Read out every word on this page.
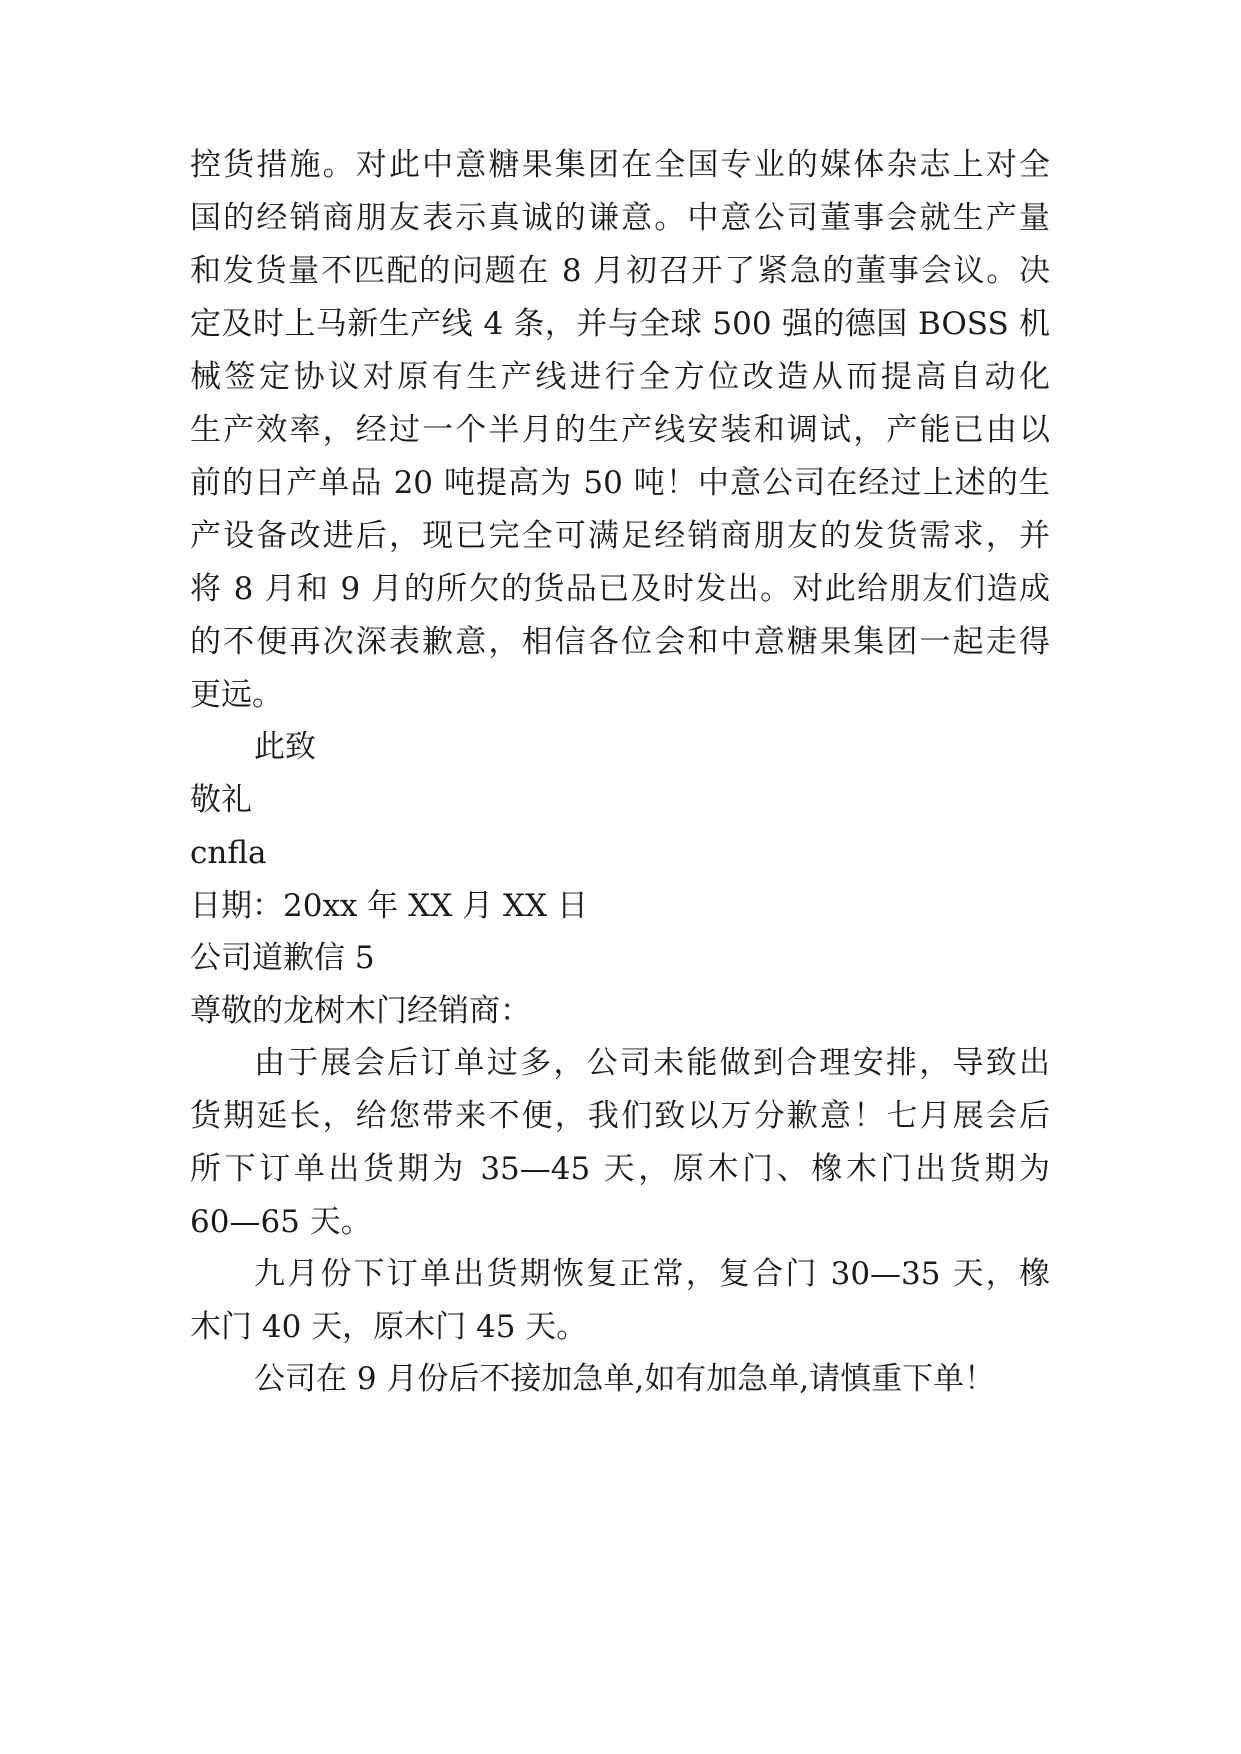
控货措施。对此中意糖果集团在全国专业的媒体杂志上对全
国的经销商朋友表示真诚的谦意。中意公司董事会就生产量
和发货量不匹配的问题在 8 月初召开了紧急的董事会议。决
定及时上马新生产线 4 条，并与全球 500 强的德国 BOSS 机
械签定协议对原有生产线进行全方位改造从而提高自动化
生产效率，经过一个半月的生产线安装和调试，产能已由以
前的日产单品 20 吨提高为 50 吨！中意公司在经过上述的生
产设备改进后，现已完全可满足经销商朋友的发货需求，并
将 8 月和 9 月的所欠的货品已及时发出。对此给朋友们造成
的不便再次深表歉意，相信各位会和中意糖果集团一起走得
更远。
此致
敬礼
cnfla
日期：20xx 年 XX 月 XX 日
公司道歉信 5
尊敬的龙树木门经销商：
由于展会后订单过多，公司未能做到合理安排，导致出
货期延长，给您带来不便，我们致以万分歉意！七月展会后
所下订单出货期为 35—45 天，原木门、橡木门出货期为
60—65 天。
九月份下订单出货期恢复正常，复合门 30—35 天，橡
木门 40 天，原木门 45 天。
公司在 9 月份后不接加急单,如有加急单,请慎重下单！
